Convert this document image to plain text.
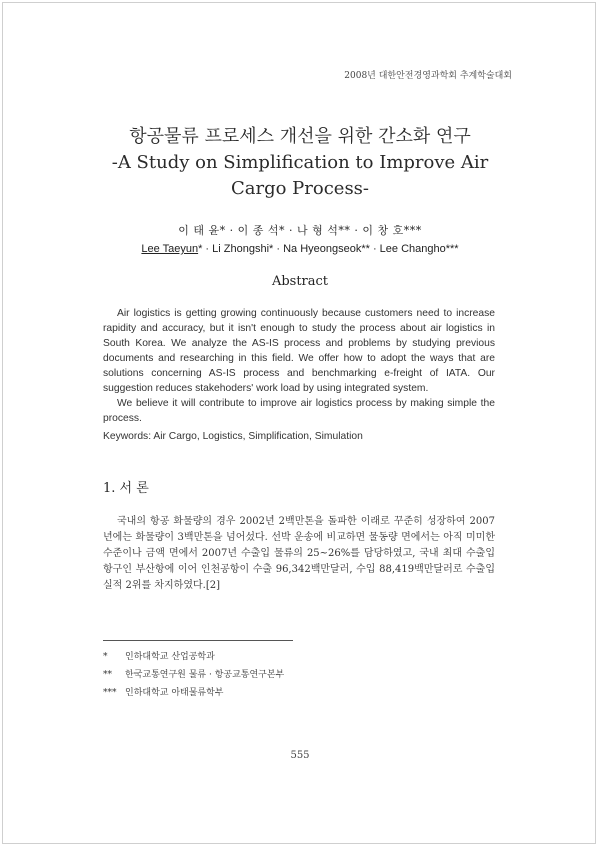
2008년 대한안전경영과학회 추계학술대회
항공물류 프로세스 개선을 위한 간소화 연구
-A Study on Simplification to Improve Air
Cargo Process-
이 태 윤* · 이 종 석* · 나 형 석** · 이 창 호***
Lee Taeyun* · Li Zhongshi* · Na Hyeongseok** · Lee Changho***
Abstract

Air logistics is getting growing continuously because customers need to increase rapidity and accuracy, but it isn't enough to study the process about air logistics in South Korea. We analyze the AS-IS process and problems by studying previous documents and researching in this field. We offer how to adopt the ways that are solutions concerning AS-IS process and benchmarking e-freight of IATA. Our suggestion reduces stakehoders' work load by using integrated system.

We believe it will contribute to improve air logistics process by making simple the process.

Keywords: Air Cargo, Logistics, Simplification, Simulation
1. 서 론

국내의 항공 화물량의 경우 2002년 2백만톤을 돌파한 이래로 꾸준히 성장하여 2007년에는 화물량이 3백만톤을 넘어섰다. 선박 운송에 비교하면 물동량 면에서는 아직 미미한 수준이나 금액 면에서 2007년 수출입 물류의 25~26%를 담당하였고, 국내 최대 수출입 항구인 부산항에 이어 인천공항이 수출 96,342백만달러, 수입 88,419백만달러로 수출입 실적 2위를 차지하였다.[2]

* 인하대학교 산업공학과
** 한국교통연구원 물류 · 항공교통연구본부
*** 인하대학교 아태물류학부
555
